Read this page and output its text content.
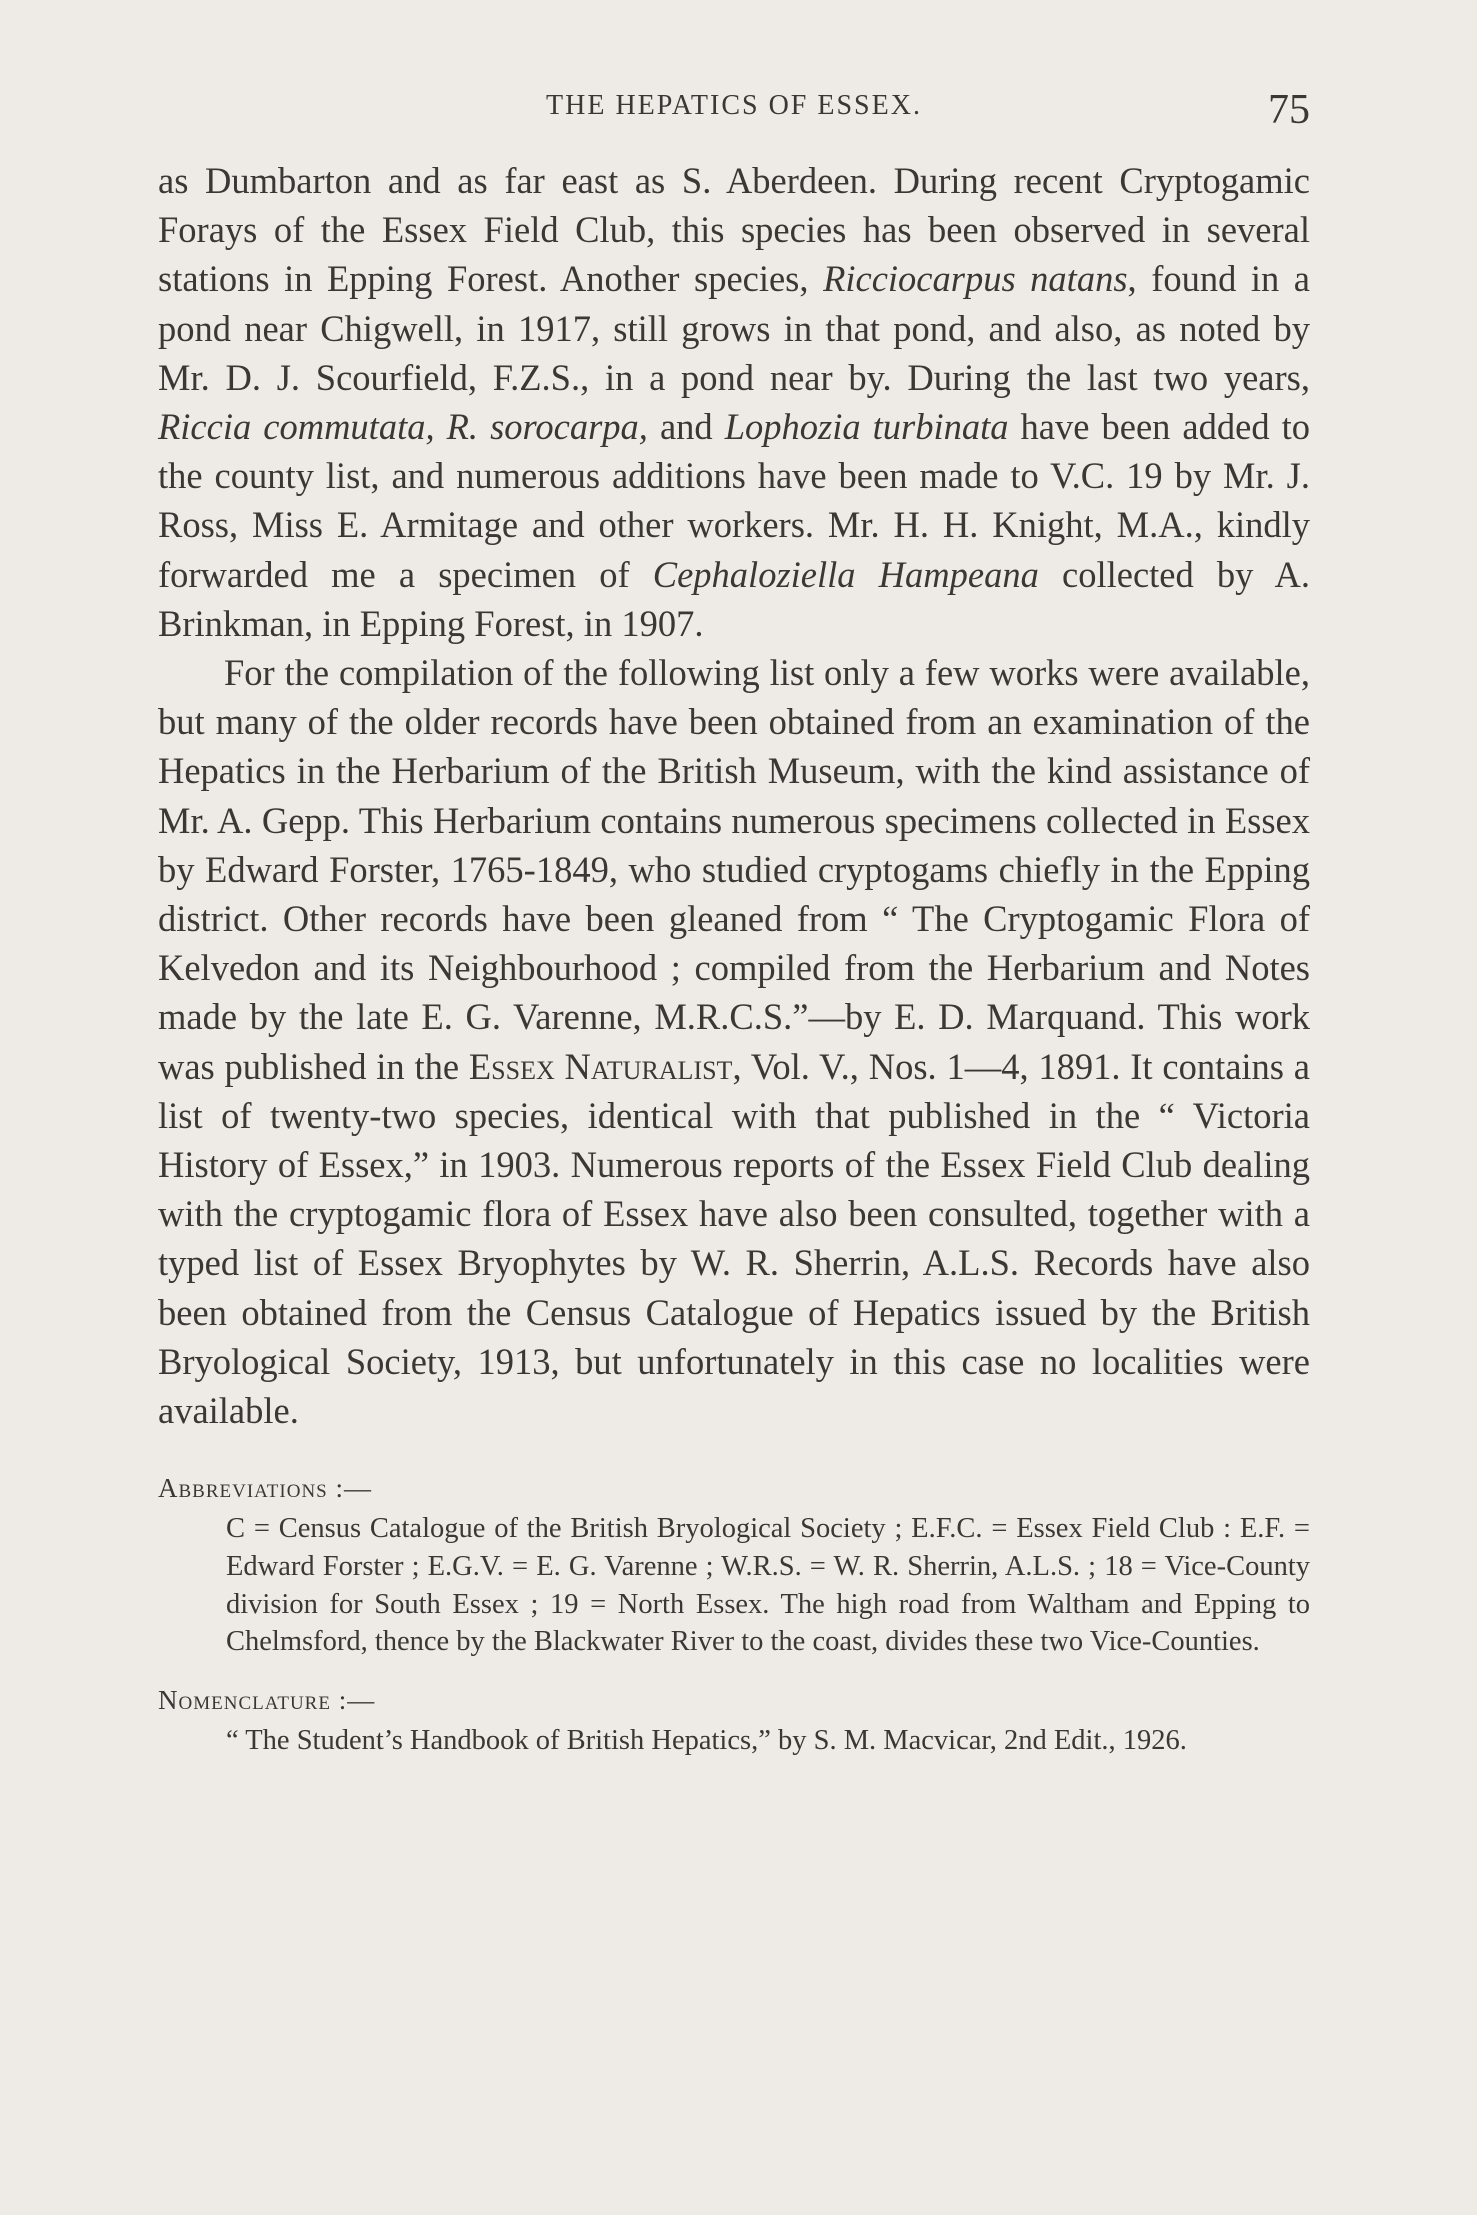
THE HEPATICS OF ESSEX.	75

as Dumbarton and as far east as S. Aberdeen. During recent Cryptogamic Forays of the Essex Field Club, this species has been observed in several stations in Epping Forest. Another species, Ricciocarpus natans, found in a pond near Chigwell, in 1917, still grows in that pond, and also, as noted by Mr. D. J. Scourfield, F.Z.S., in a pond near by. During the last two years, Riccia commutata, R. sorocarpa, and Lophozia turbinata have been added to the county list, and numerous additions have been made to V.C. 19 by Mr. J. Ross, Miss E. Armitage and other workers. Mr. H. H. Knight, M.A., kindly forwarded me a specimen of Cephaloziella Hampeana collected by A. Brinkman, in Epping Forest, in 1907.

For the compilation of the following list only a few works were available, but many of the older records have been obtained from an examination of the Hepatics in the Herbarium of the British Museum, with the kind assistance of Mr. A. Gepp. This Herbarium contains numerous specimens collected in Essex by Edward Forster, 1765-1849, who studied cryptogams chiefly in the Epping district. Other records have been gleaned from “ The Cryptogamic Flora of Kelvedon and its Neighbourhood ; compiled from the Herbarium and Notes made by the late E. G. Varenne, M.R.C.S.”—by E. D. Marquand. This work was published in the Essex Naturalist, Vol. V., Nos. 1—4, 1891. It contains a list of twenty-two species, identical with that published in the “ Victoria History of Essex,” in 1903. Numerous reports of the Essex Field Club dealing with the cryptogamic flora of Essex have also been consulted, together with a typed list of Essex Bryophytes by W. R. Sherrin, A.L.S. Records have also been obtained from the Census Catalogue of Hepatics issued by the British Bryological Society, 1913, but unfortunately in this case no localities were available.

Abbreviations :—
C = Census Catalogue of the British Bryological Society ; E.F.C. = Essex Field Club : E.F. = Edward Forster ; E.G.V. = E. G. Varenne ; W.R.S. = W. R. Sherrin, A.L.S. ; 18 = Vice-County division for South Essex ; 19 = North Essex. The high road from Waltham and Epping to Chelmsford, thence by the Blackwater River to the coast, divides these two Vice-Counties.
Nomenclature :—
“ The Student’s Handbook of British Hepatics,” by S. M. Macvicar, 2nd Edit., 1926.
